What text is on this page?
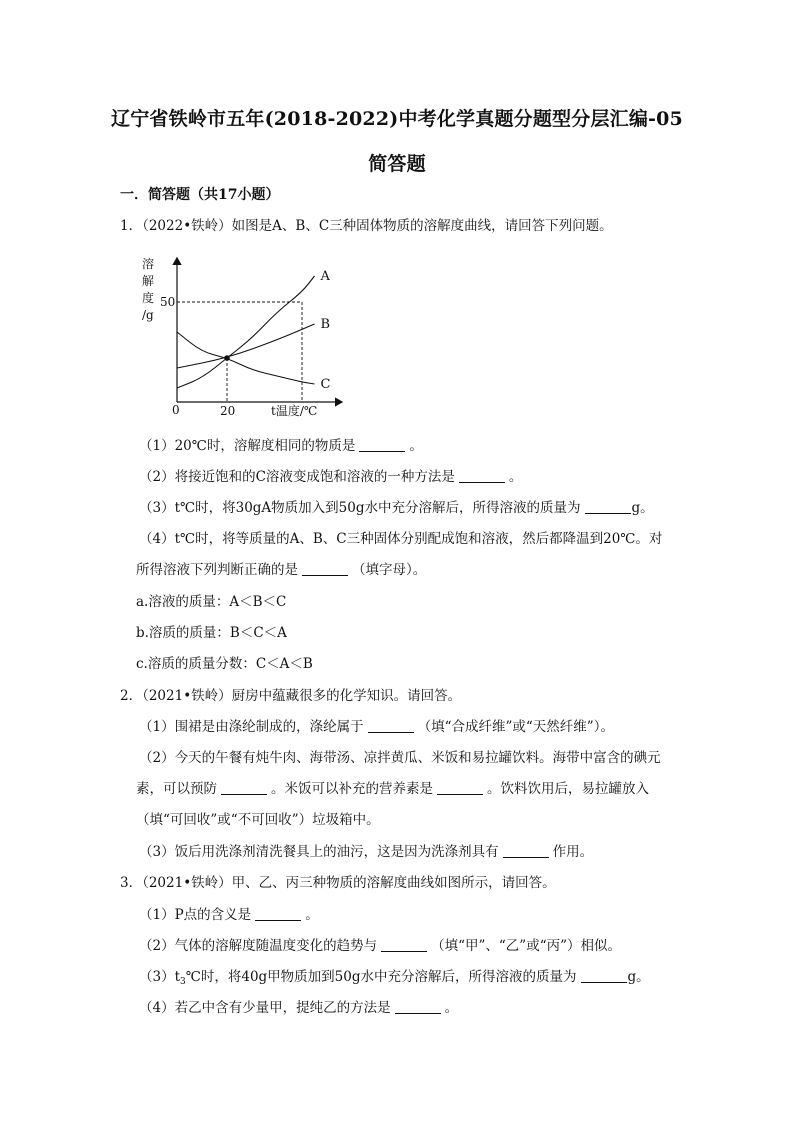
辽宁省铁岭市五年(2018-2022)中考化学真题分题型分层汇编-05
简答题
一．简答题（共17小题）
1．（2022•铁岭）如图是A、B、C三种固体物质的溶解度曲线，请回答下列问题。
溶
解
度
/g
0
A
B
C
20
50
t温度/℃
（1）20℃时，溶解度相同的物质是	。
（2）将接近饱和的C溶液变成饱和溶液的一种方法是	。
（3）t℃时，将30gA物质加入到50g水中充分溶解后，所得溶液的质量为	g。
（4）t℃时，将等质量的A、B、C三种固体分别配成饱和溶液，然后都降温到20℃。对
所得溶液下列判断正确的是	（填字母）。
a.溶液的质量：A＜B＜C
b.溶质的质量：B＜C＜A
c.溶质的质量分数：C＜A＜B
2．（2021•铁岭）厨房中蕴藏很多的化学知识。请回答。
（1）围裙是由涤纶制成的，涤纶属于	（填“合成纤维”或“天然纤维”）。
（2）今天的午餐有炖牛肉、海带汤、凉拌黄瓜、米饭和易拉罐饮料。海带中富含的碘元
素，可以预防	。米饭可以补充的营养素是	。饮料饮用后，易拉罐放入
（填“可回收”或“不可回收”）垃圾箱中。
（3）饭后用洗涤剂清洗餐具上的油污，这是因为洗涤剂具有	作用。
3．（2021•铁岭）甲、乙、丙三种物质的溶解度曲线如图所示，请回答。
（1）P点的含义是	。
（2）气体的溶解度随温度变化的趋势与	（填“甲”、“乙”或“丙”）相似。
$(3)t_3℃$时，将40g甲物质加到50g水中充分溶解后，所得溶液的质量为	g。
（4）若乙中含有少量甲，提纯乙的方法是	。
